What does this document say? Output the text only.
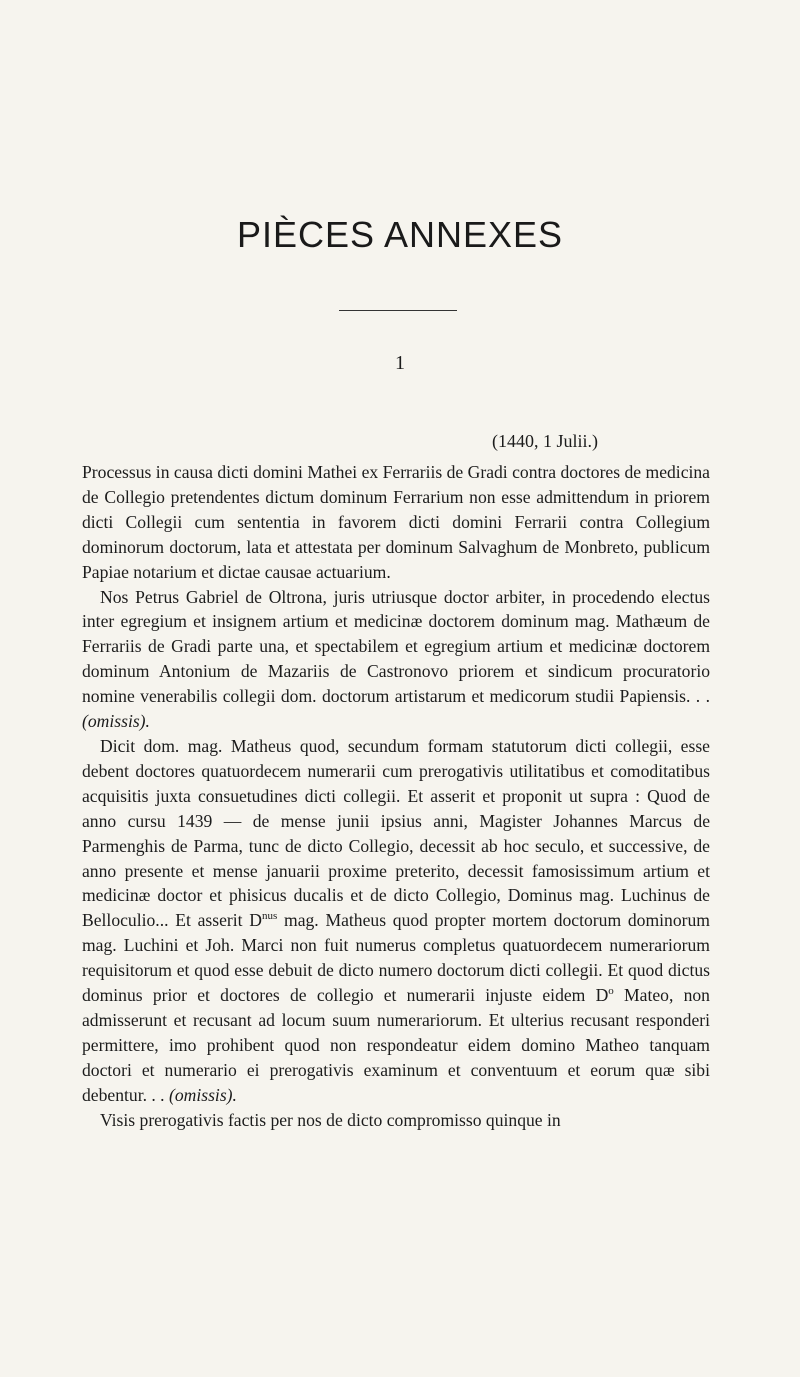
PIÈCES ANNEXES
1
(1440, 1 Julii.)

Processus in causa dicti domini Mathei ex Ferrariis de Gradi contra doctores de medicina de Collegio pretendentes dictum dominum Ferrarium non esse admittendum in priorem dicti Collegii cum sententia in favorem dicti domini Ferrarii contra Collegium dominorum doctorum, lata et attestata per dominum Salvaghum de Monbreto, publicum Papiae notarium et dictae causae actuarium.

Nos Petrus Gabriel de Oltrona, juris utriusque doctor arbiter, in procedendo electus inter egregium et insignem artium et medicinæ doctorem dominum mag. Mathæum de Ferrariis de Gradi parte una, et spectabilem et egregium artium et medicinæ doctorem dominum Antonium de Mazariis de Castronovo priorem et sindicum procuratorio nomine venerabilis collegii dom. doctorum artistarum et medicorum studii Papiensis. . . (omissis).

Dicit dom. mag. Matheus quod, secundum formam statutorum dicti collegii, esse debent doctores quatuordecem numerarii cum prerogativis utilitatibus et comoditatibus acquisitis juxta consuetudines dicti collegii. Et asserit et proponit ut supra : Quod de anno cursu 1439 — de mense junii ipsius anni, Magister Johannes Marcus de Parmenghis de Parma, tunc de dicto Collegio, decessit ab hoc seculo, et successive, de anno presente et mense januarii proxime preterito, decessit famosissimum artium et medicinæ doctor et phisicus ducalis et de dicto Collegio, Dominus mag. Luchinus de Belloculio... Et asserit $D^{nus}$ mag. Matheus quod propter mortem doctorum dominorum mag. Luchini et Joh. Marci non fuit numerus completus quatuordecem numerariorum requisitorum et quod esse debuit de dicto numero doctorum dicti collegii. Et quod dictus dominus prior et doctores de collegio et numerarii injuste eidem $D^o$ Mateo, non admisserunt et recusant ad locum suum numerariorum. Et ulterius recusant responderi permittere, imo prohibent quod non respondeatur eidem domino Matheo tanquam doctori et numerario ei prerogativis examinum et conventuum et eorum quæ sibi debentur. . . (omissis).

Visis prerogativis factis per nos de dicto compromisso quinque in
